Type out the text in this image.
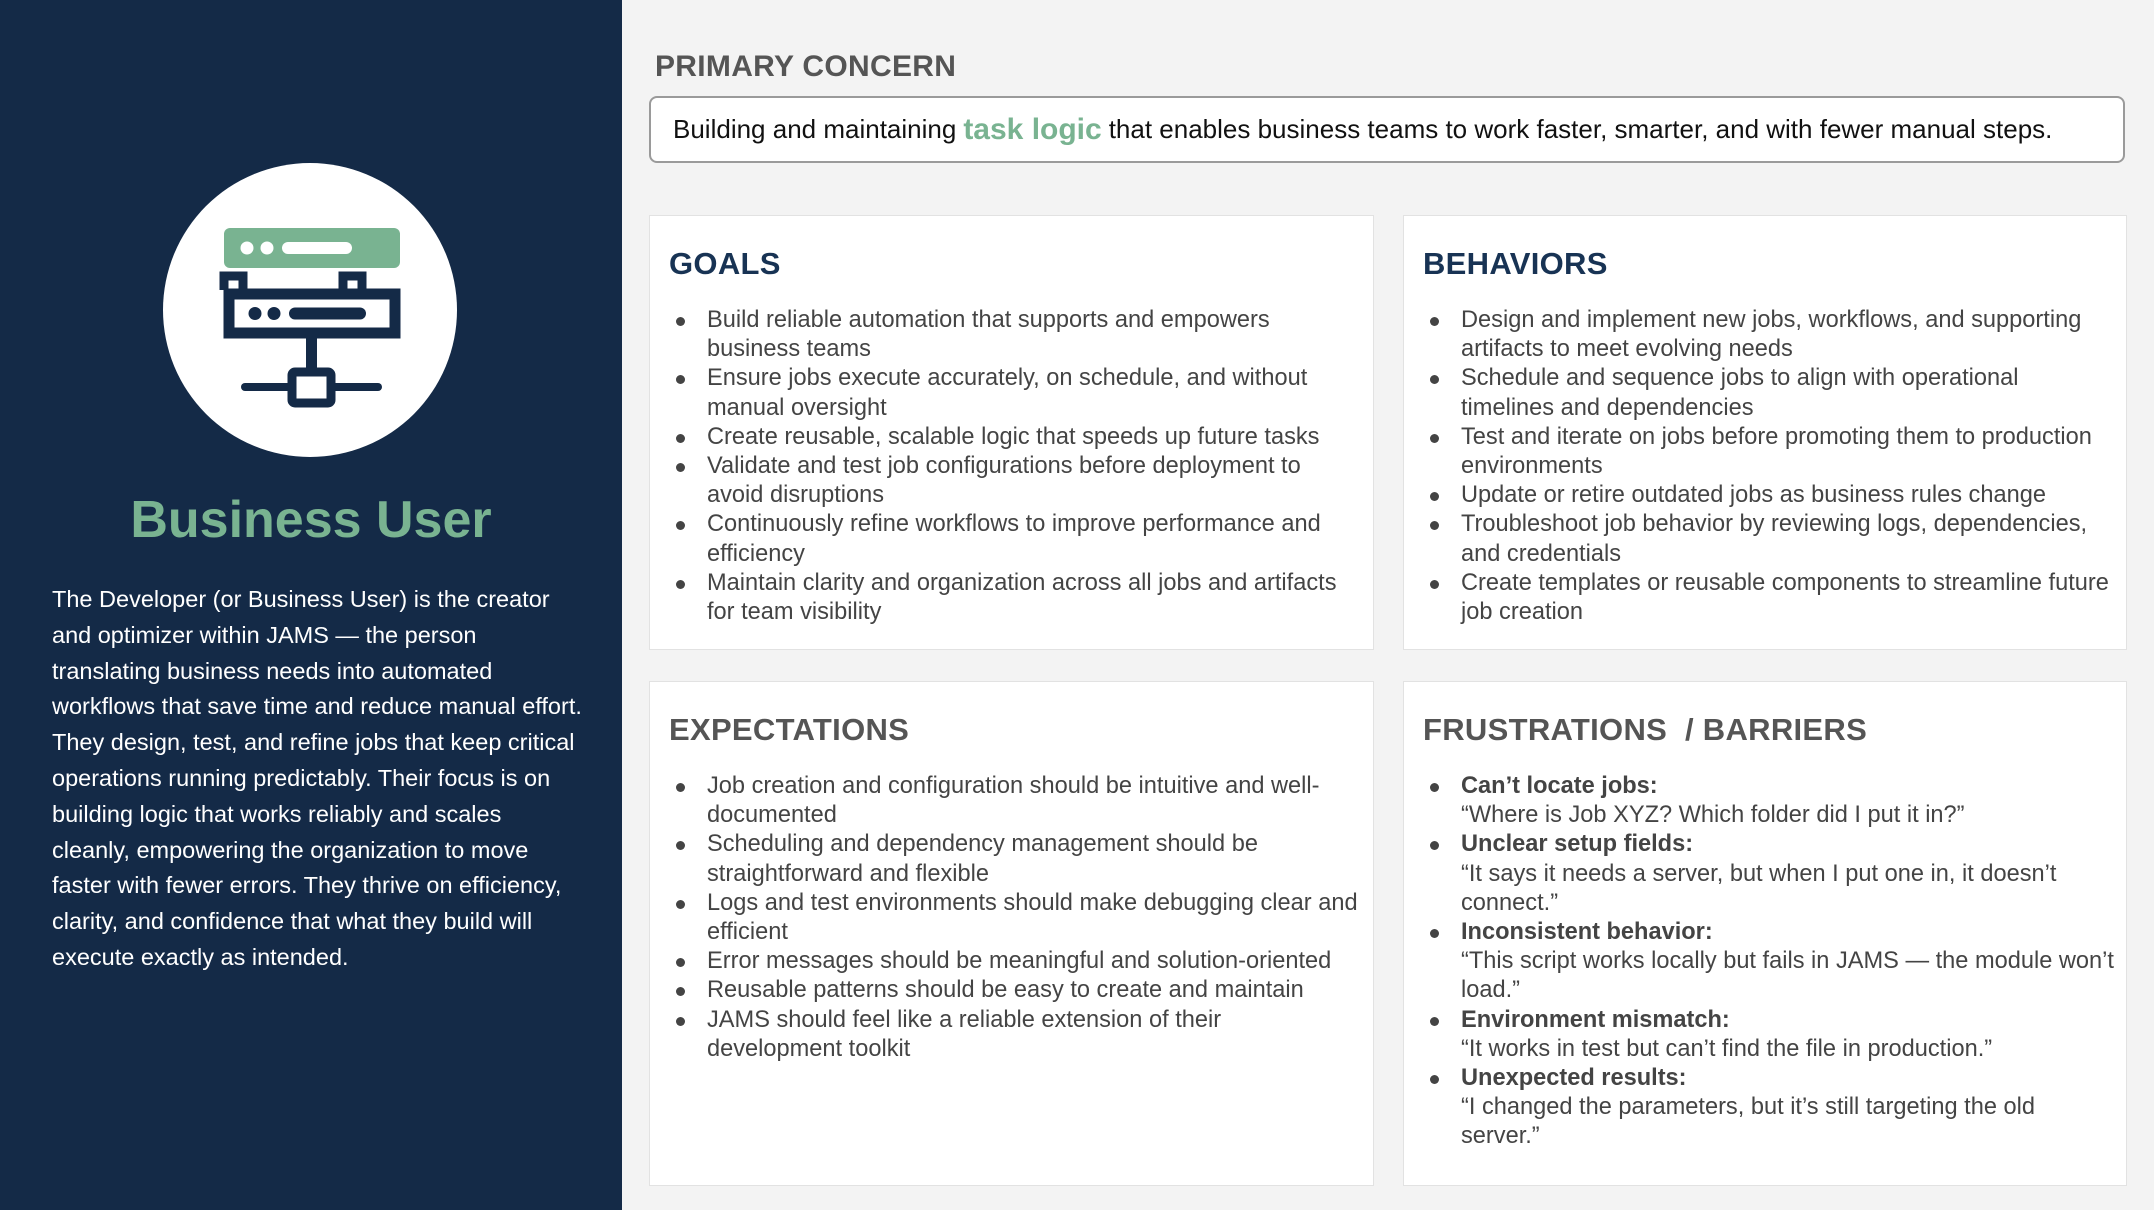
Business User
The Developer (or Business User) is the creator and optimizer within JAMS — the person translating business needs into automated workflows that save time and reduce manual effort. They design, test, and refine jobs that keep critical operations running predictably. Their focus is on building logic that works reliably and scales cleanly, empowering the organization to move faster with fewer errors. They thrive on efficiency, clarity, and confidence that what they build will execute exactly as intended.
PRIMARY CONCERN
Building and maintaining task logic that enables business teams to work faster, smarter, and with fewer manual steps.
GOALS
Build reliable automation that supports and empowers business teams
Ensure jobs execute accurately, on schedule, and without manual oversight
Create reusable, scalable logic that speeds up future tasks
Validate and test job configurations before deployment to avoid disruptions
Continuously refine workflows to improve performance and efficiency
Maintain clarity and organization across all jobs and artifacts for team visibility
BEHAVIORS
Design and implement new jobs, workflows, and supporting artifacts to meet evolving needs
Schedule and sequence jobs to align with operational timelines and dependencies
Test and iterate on jobs before promoting them to production environments
Update or retire outdated jobs as business rules change
Troubleshoot job behavior by reviewing logs, dependencies, and credentials
Create templates or reusable components to streamline future job creation
EXPECTATIONS
Job creation and configuration should be intuitive and well-documented
Scheduling and dependency management should be straightforward and flexible
Logs and test environments should make debugging clear and efficient
Error messages should be meaningful and solution-oriented
Reusable patterns should be easy to create and maintain
JAMS should feel like a reliable extension of their development toolkit
FRUSTRATIONS  / BARRIERS
Can’t locate jobs:
“Where is Job XYZ? Which folder did I put it in?”
Unclear setup fields:
“It says it needs a server, but when I put one in, it doesn’t connect.”
Inconsistent behavior:
“This script works locally but fails in JAMS — the module won’t load.”
Environment mismatch:
“It works in test but can’t find the file in production.”
Unexpected results:
“I changed the parameters, but it’s still targeting the old server.”
